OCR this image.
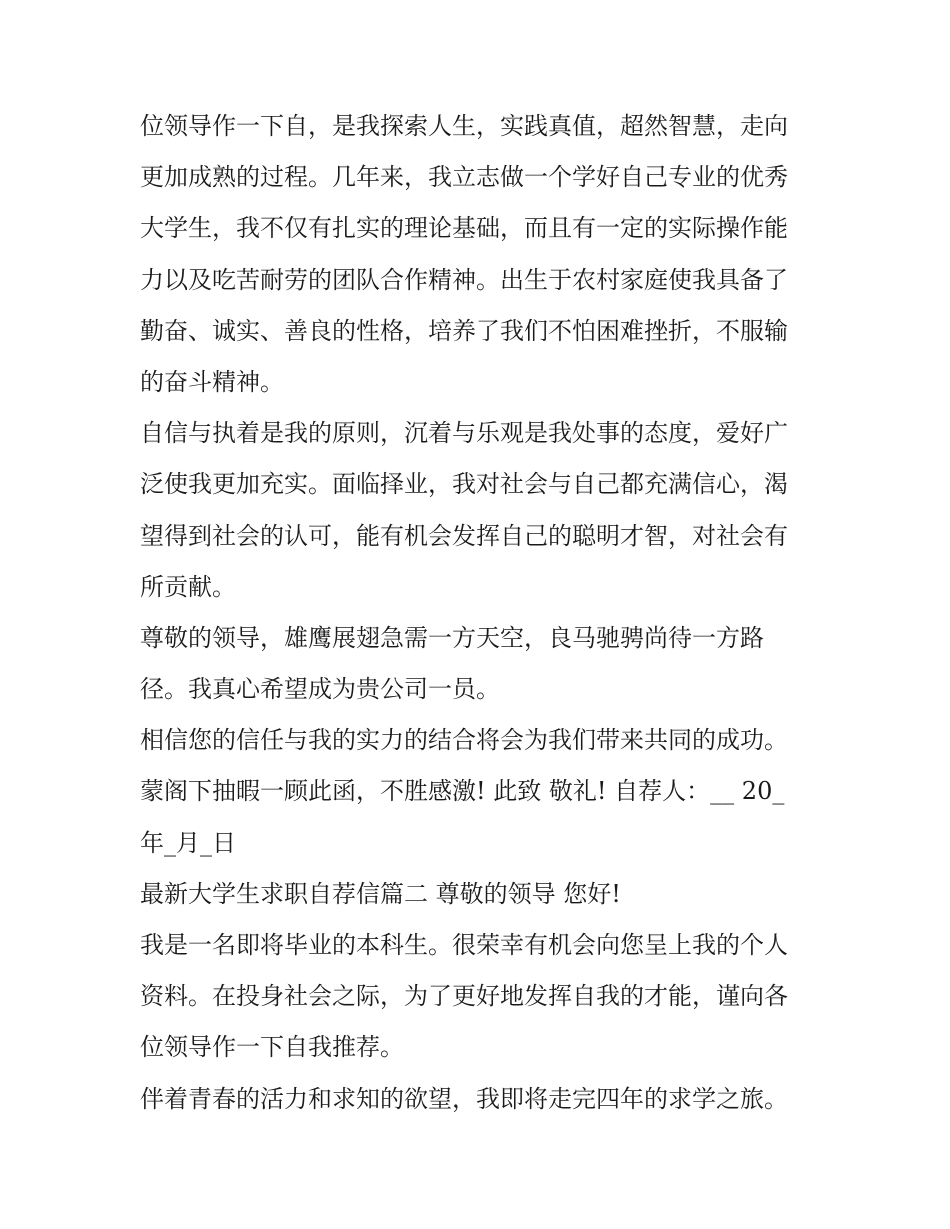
位领导作一下自，是我探索人生，实践真值，超然智慧，走向
更加成熟的过程。几年来，我立志做一个学好自己专业的优秀
大学生，我不仅有扎实的理论基础，而且有一定的实际操作能
力以及吃苦耐劳的团队合作精神。出生于农村家庭使我具备了
勤奋、诚实、善良的性格，培养了我们不怕困难挫折，不服输
的奋斗精神。
自信与执着是我的原则，沉着与乐观是我处事的态度，爱好广
泛使我更加充实。面临择业，我对社会与自己都充满信心，渴
望得到社会的认可，能有机会发挥自己的聪明才智，对社会有
所贡献。
尊敬的领导，雄鹰展翅急需一方天空，良马驰骋尚待一方路
径。我真心希望成为贵公司一员。
相信您的信任与我的实力的结合将会为我们带来共同的成功。
蒙阁下抽暇一顾此函，不胜感激! 此致 敬礼! 自荐人：__ 20_
年_月_日
最新大学生求职自荐信篇二 尊敬的领导 您好!
我是一名即将毕业的本科生。很荣幸有机会向您呈上我的个人
资料。在投身社会之际，为了更好地发挥自我的才能，谨向各
位领导作一下自我推荐。
伴着青春的活力和求知的欲望，我即将走完四年的求学之旅。
